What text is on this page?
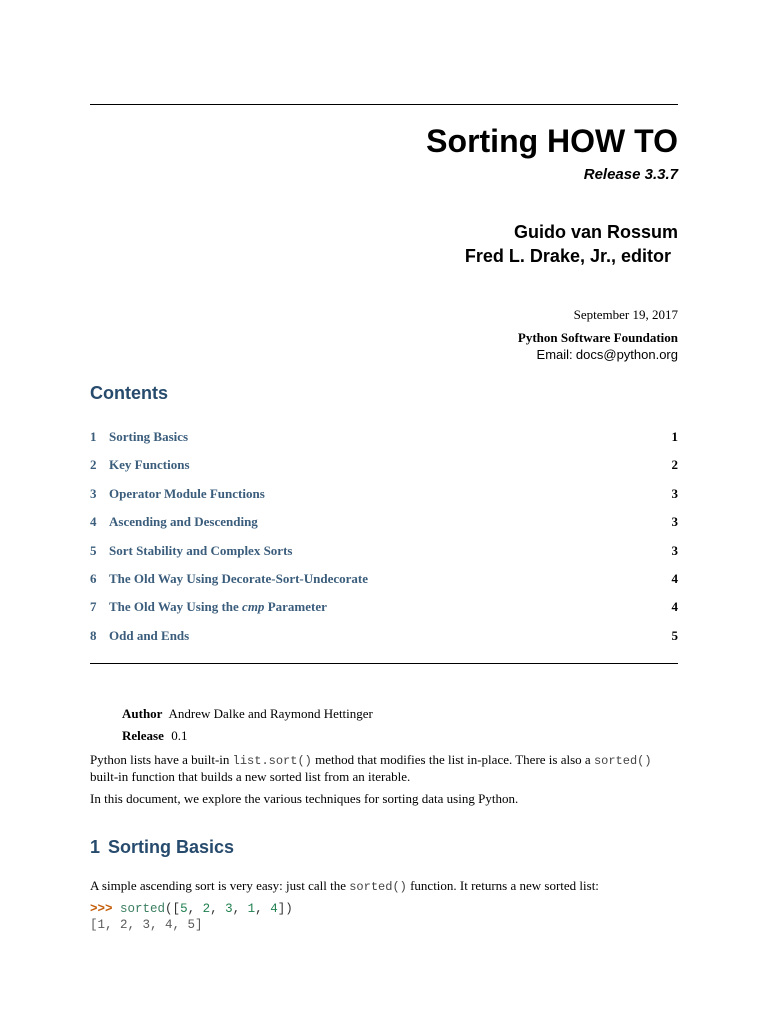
Sorting HOW TO
Release 3.3.7
Guido van Rossum
Fred L. Drake, Jr., editor
September 19, 2017
Python Software Foundation
Email: docs@python.org
Contents
1 Sorting Basics	1
2 Key Functions	2
3 Operator Module Functions	3
4 Ascending and Descending	3
5 Sort Stability and Complex Sorts	3
6 The Old Way Using Decorate-Sort-Undecorate	4
7 The Old Way Using the cmp Parameter	4
8 Odd and Ends	5
Author Andrew Dalke and Raymond Hettinger
Release 0.1

Python lists have a built-in list.sort() method that modifies the list in-place. There is also a sorted() built-in function that builds a new sorted list from an iterable.

In this document, we explore the various techniques for sorting data using Python.

1 Sorting Basics

A simple ascending sort is very easy: just call the sorted() function. It returns a new sorted list:

>>> sorted([5, 2, 3, 1, 4])
[1, 2, 3, 4, 5]
